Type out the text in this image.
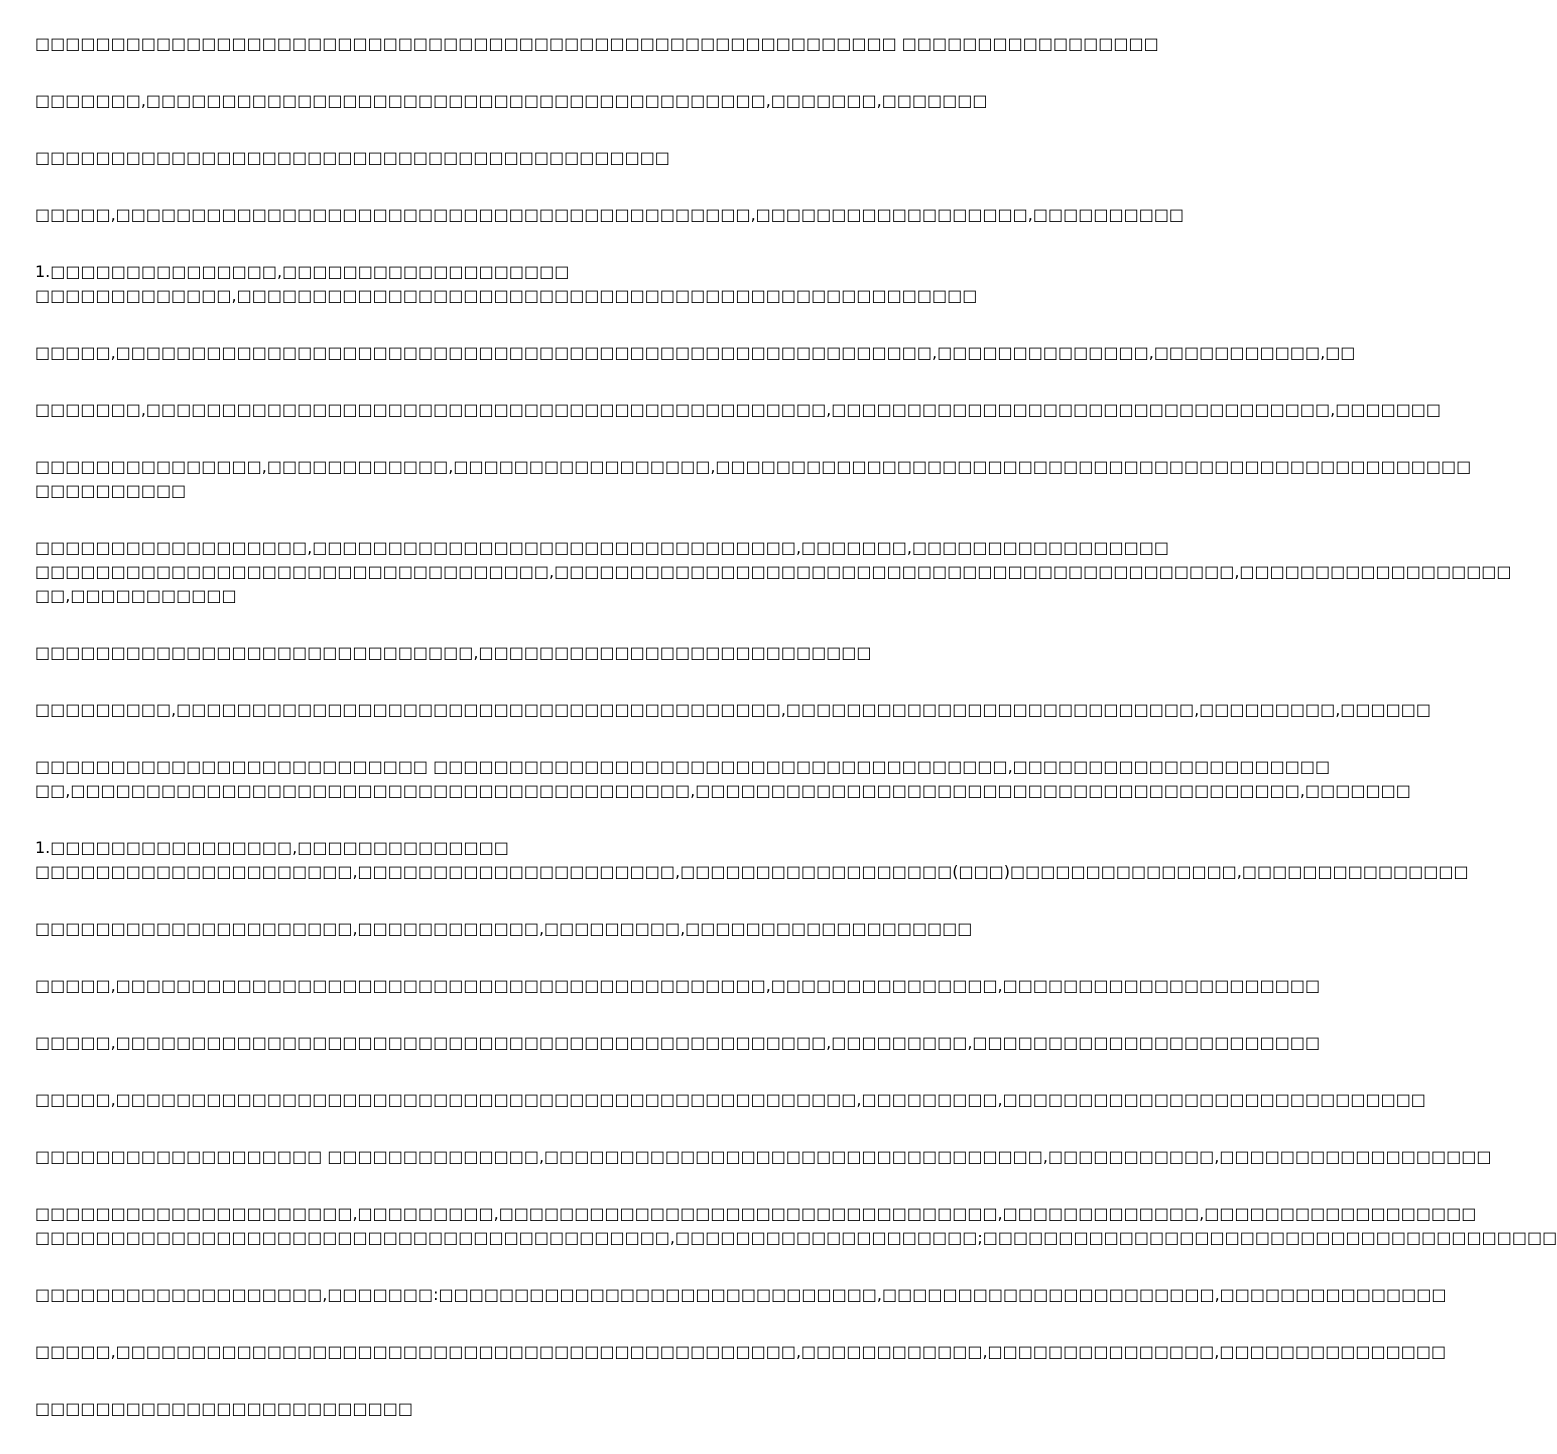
□□□□□□□□□□□□□□□□□□□□□□□□□□□□□□□□□□□□□□□□□□□□□□□□□□□□□□□□□ □□□□□□□□□□□□□□□□□
□□□□□□□,□□□□□□□□□□□□□□□□□□□□□□□□□□□□□□□□□□□□□□□□□,□□□□□□□,□□□□□□□
□□□□□□□□□□□□□□□□□□□□□□□□□□□□□□□□□□□□□□□□□□
□□□□□,□□□□□□□□□□□□□□□□□□□□□□□□□□□□□□□□□□□□□□□□□□,□□□□□□□□□□□□□□□□□□,□□□□□□□□□□
1.□□□□□□□□□□□□□□□,□□□□□□□□□□□□□□□□□□□
□□□□□□□□□□□□□,□□□□□□□□□□□□□□□□□□□□□□□□□□□□□□□□□□□□□□□□□□□□□□□□□
□□□□□,□□□□□□□□□□□□□□□□□□□□□□□□□□□□□□□□□□□□□□□□□□□□□□□□□□□□□□,□□□□□□□□□□□□□□,□□□□□□□□□□□,□□
□□□□□□□,□□□□□□□□□□□□□□□□□□□□□□□□□□□□□□□□□□□□□□□□□□□□□,□□□□□□□□□□□□□□□□□□□□□□□□□□□□□□□□□,□□□□□□□
□□□□□□□□□□□□□□□,□□□□□□□□□□□□,□□□□□□□□□□□□□□□□□,□□□□□□□□□□□□□□□□□□□□□□□□□□□□□□□□□□□□□□□□□□□□□□□□□□
□□□□□□□□□□
□□□□□□□□□□□□□□□□□□,□□□□□□□□□□□□□□□□□□□□□□□□□□□□□□□□,□□□□□□□,□□□□□□□□□□□□□□□□□
□□□□□□□□□□□□□□□□□□□□□□□□□□□□□□□□□□,□□□□□□□□□□□□□□□□□□□□□□□□□□□□□□□□□□□□□□□□□□□□□,□□□□□□□□□□□□□□□□□□
□□,□□□□□□□□□□□
□□□□□□□□□□□□□□□□□□□□□□□□□□□□□,□□□□□□□□□□□□□□□□□□□□□□□□□□
□□□□□□□□□,□□□□□□□□□□□□□□□□□□□□□□□□□□□□□□□□□□□□□□□□,□□□□□□□□□□□□□□□□□□□□□□□□□□□,□□□□□□□□□,□□□□□□
□□□□□□□□□□□□□□□□□□□□□□□□□□ □□□□□□□□□□□□□□□□□□□□□□□□□□□□□□□□□□□□□□,□□□□□□□□□□□□□□□□□□□□□
□□,□□□□□□□□□□□□□□□□□□□□□□□□□□□□□□□□□□□□□□□□□,□□□□□□□□□□□□□□□□□□□□□□□□□□□□□□□□□□□□□□□□,□□□□□□□
1.□□□□□□□□□□□□□□□□,□□□□□□□□□□□□□□
□□□□□□□□□□□□□□□□□□□□□,□□□□□□□□□□□□□□□□□□□□□,□□□□□□□□□□□□□□□□□□(□□□)□□□□□□□□□□□□□□□,□□□□□□□□□□□□□□□
□□□□□□□□□□□□□□□□□□□□□,□□□□□□□□□□□□,□□□□□□□□□,□□□□□□□□□□□□□□□□□□□
□□□□□,□□□□□□□□□□□□□□□□□□□□□□□□□□□□□□□□□□□□□□□□□□□,□□□□□□□□□□□□□□□,□□□□□□□□□□□□□□□□□□□□□
□□□□□,□□□□□□□□□□□□□□□□□□□□□□□□□□□□□□□□□□□□□□□□□□□□□□□,□□□□□□□□□,□□□□□□□□□□□□□□□□□□□□□□□
□□□□□,□□□□□□□□□□□□□□□□□□□□□□□□□□□□□□□□□□□□□□□□□□□□□□□□□,□□□□□□□□□,□□□□□□□□□□□□□□□□□□□□□□□□□□□□
□□□□□□□□□□□□□□□□□□□ □□□□□□□□□□□□□□,□□□□□□□□□□□□□□□□□□□□□□□□□□□□□□□□□,□□□□□□□□□□□,□□□□□□□□□□□□□□□□□□
□□□□□□□□□□□□□□□□□□□□□,□□□□□□□□□,□□□□□□□□□□□□□□□□□□□□□□□□□□□□□□□□□,□□□□□□□□□□□□□,□□□□□□□□□□□□□□□□□□
□□□□□□□□□□□□□□□□□□□□□□□□□□□□□□□□□□□□□□□□□□,□□□□□□□□□□□□□□□□□□□□;□□□□□□□□□□□□□□□□□□□□□□□□□□□□□□□□□□□□□□
□□□□□□□□□□□□□□□□□□□,□□□□□□□:□□□□□□□□□□□□□□□□□□□□□□□□□□□□□,□□□□□□□□□□□□□□□□□□□□□□,□□□□□□□□□□□□□□□
□□□□□,□□□□□□□□□□□□□□□□□□□□□□□□□□□□□□□□□□□□□□□□□□□□□,□□□□□□□□□□□□,□□□□□□□□□□□□□□□,□□□□□□□□□□□□□□□
□□□□□□□□□□□□□□□□□□□□□□□□□
